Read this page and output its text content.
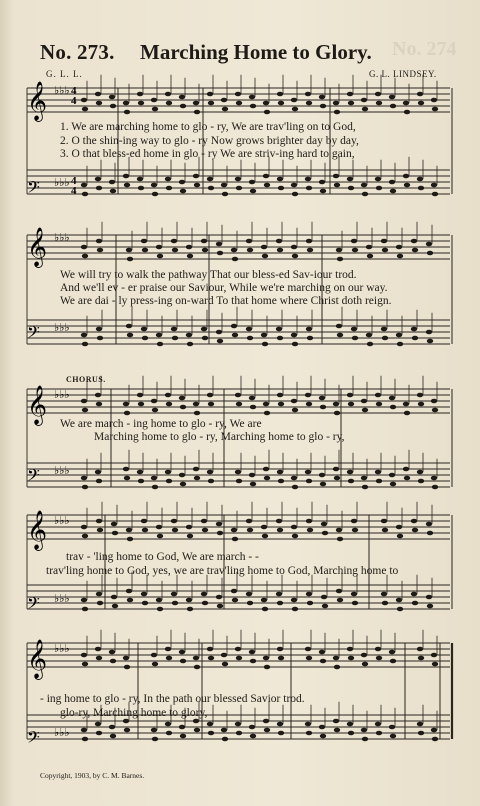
No. 273. Marching Home to Glory. No. 274
G. L. L.	G. L. LINDSEY.
𝄞 ♭♭♭ 4
4
𝄢 ♭♭♭ 4
4
𝄞 ♭♭♭
𝄢 ♭♭♭
𝄞 ♭♭♭
𝄢 ♭♭♭
𝄞 ♭♭♭
𝄢 ♭♭♭
𝄞 ♭♭♭
𝄢 ♭♭♭
1. We are marching home to glo - ry, We are trav'ling on to God,
2. O the shin-ing way to glo - ry Now grows brighter day by day,
3. O that bless-ed home in glo - ry We are striv-ing hard to gain,
We will try to walk the pathway That our bless-ed Sav-iour trod.
And we'll ev - er praise our Saviour, While we're marching on our way.
We are dai - ly press-ing on-ward To that home where Christ doth reign.
CHORUS.
We are march - ing home to glo - ry, We are
Marching home to glo - ry, Marching home to glo - ry,
trav - 'ling home to God, We are march - -
trav'ling home to God, yes, we are trav'ling home to God, Marching home to
- ing home to glo - ry, In the path our blessed Savior trod.
glo-ry, Marching home to glory,
Copyright, 1903, by C. M. Barnes.
